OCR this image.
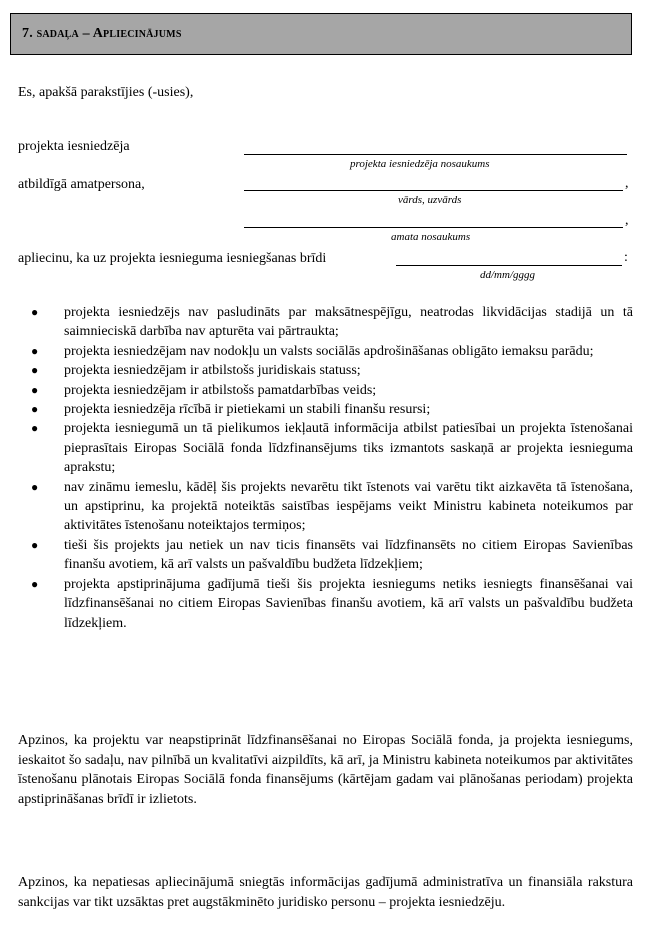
7. sadaļa – Apliecinājums
Es, apakšā parakstījies (-usies),
projekta iesniedzēja
projekta iesniedzēja nosaukums
atbildīgā amatpersona,	,
vārds, uzvārds
,
amata nosaukums
apliecinu, ka uz projekta iesnieguma iesniegšanas brīdi	:
dd/mm/gggg
● projekta iesniedzējs nav pasludināts par maksātnespējīgu, neatrodas likvidācijas stadijā un tā saimnieciskā darbība nav apturēta vai pārtraukta;
● projekta iesniedzējam nav nodokļu un valsts sociālās apdrošināšanas obligāto iemaksu parādu;
● projekta iesniedzējam ir atbilstošs juridiskais statuss;
● projekta iesniedzējam ir atbilstošs pamatdarbības veids;
● projekta iesniedzēja rīcībā ir pietiekami un stabili finanšu resursi;
● projekta iesniegumā un tā pielikumos iekļautā informācija atbilst patiesībai un projekta īstenošanai pieprasītais Eiropas Sociālā fonda līdzfinansējums tiks izmantots saskaņā ar projekta iesnieguma aprakstu;
● nav zināmu iemeslu, kādēļ šis projekts nevarētu tikt īstenots vai varētu tikt aizkavēta tā īstenošana, un apstiprinu, ka projektā noteiktās saistības iespējams veikt Ministru kabineta noteikumos par aktivitātes īstenošanu noteiktajos termiņos;
● tieši šis projekts jau netiek un nav ticis finansēts vai līdzfinansēts no citiem Eiropas Savienības finanšu avotiem, kā arī valsts un pašvaldību budžeta līdzekļiem;
● projekta apstiprinājuma gadījumā tieši šis projekta iesniegums netiks iesniegts finansēšanai vai līdzfinansēšanai no citiem Eiropas Savienības finanšu avotiem, kā arī valsts un pašvaldību budžeta līdzekļiem.

Apzinos, ka projektu var neapstiprināt līdzfinansēšanai no Eiropas Sociālā fonda, ja projekta iesniegums, ieskaitot šo sadaļu, nav pilnībā un kvalitatīvi aizpildīts, kā arī, ja Ministru kabineta noteikumos par aktivitātes īstenošanu plānotais Eiropas Sociālā fonda finansējums (kārtējam gadam vai plānošanas periodam) projekta apstiprināšanas brīdī ir izlietots.

Apzinos, ka nepatiesas apliecinājumā sniegtās informācijas gadījumā administratīva un finansiāla rakstura sankcijas var tikt uzsāktas pret augstākminēto juridisko personu – projekta iesniedzēju.
